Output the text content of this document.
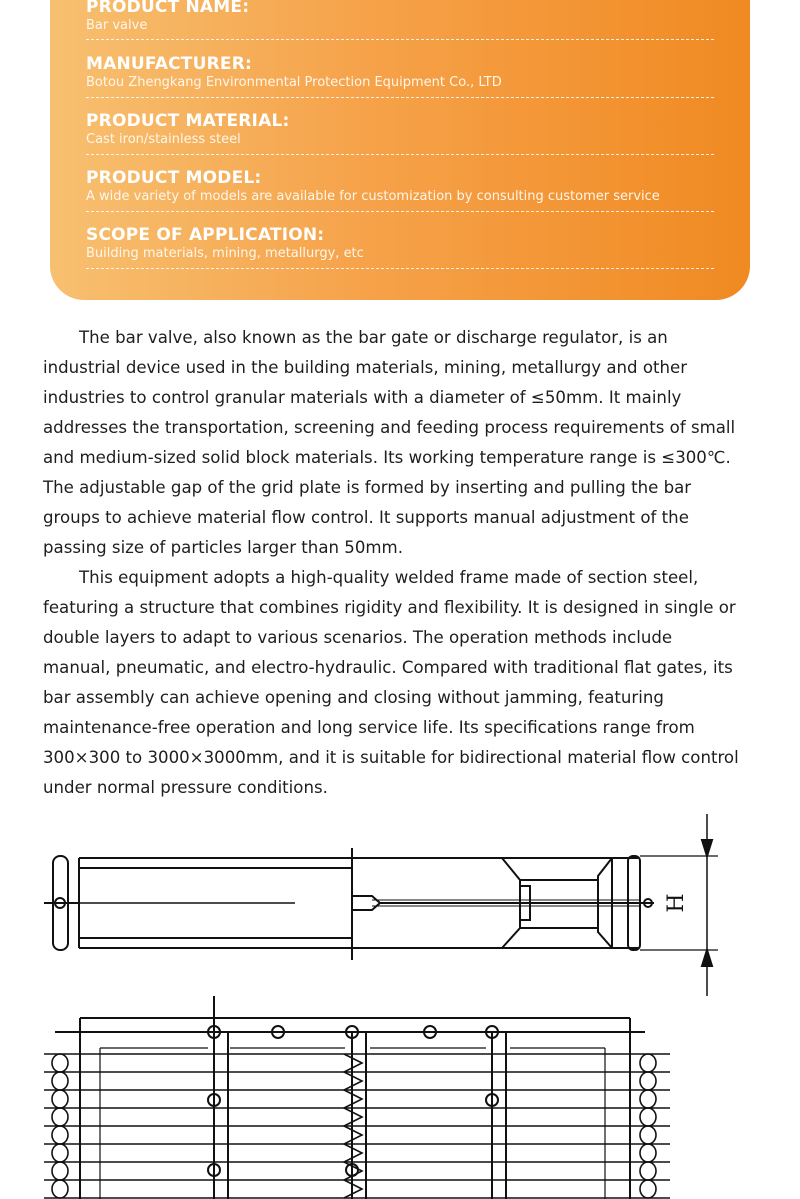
PRODUCT NAME:
Bar valve
MANUFACTURER:
Botou Zhengkang Environmental Protection Equipment Co., LTD
PRODUCT MATERIAL:
Cast iron/stainless steel
PRODUCT MODEL:
A wide variety of models are available for customization by consulting customer service
SCOPE OF APPLICATION:
Building materials, mining, metallurgy, etc

The bar valve, also known as the bar gate or discharge regulator, is an
industrial device used in the building materials, mining, metallurgy and other
industries to control granular materials with a diameter of ≤50mm. It mainly
addresses the transportation, screening and feeding process requirements of small
and medium-sized solid block materials. Its working temperature range is ≤300℃.
The adjustable gap of the grid plate is formed by inserting and pulling the bar
groups to achieve material flow control. It supports manual adjustment of the
passing size of particles larger than 50mm.

This equipment adopts a high-quality welded frame made of section steel,
featuring a structure that combines rigidity and flexibility. It is designed in single or
double layers to adapt to various scenarios. The operation methods include
manual, pneumatic, and electro-hydraulic. Compared with traditional flat gates, its
bar assembly can achieve opening and closing without jamming, featuring
maintenance-free operation and long service life. Its specifications range from
300×300 to 3000×3000mm, and it is suitable for bidirectional material flow control
under normal pressure conditions.

H
